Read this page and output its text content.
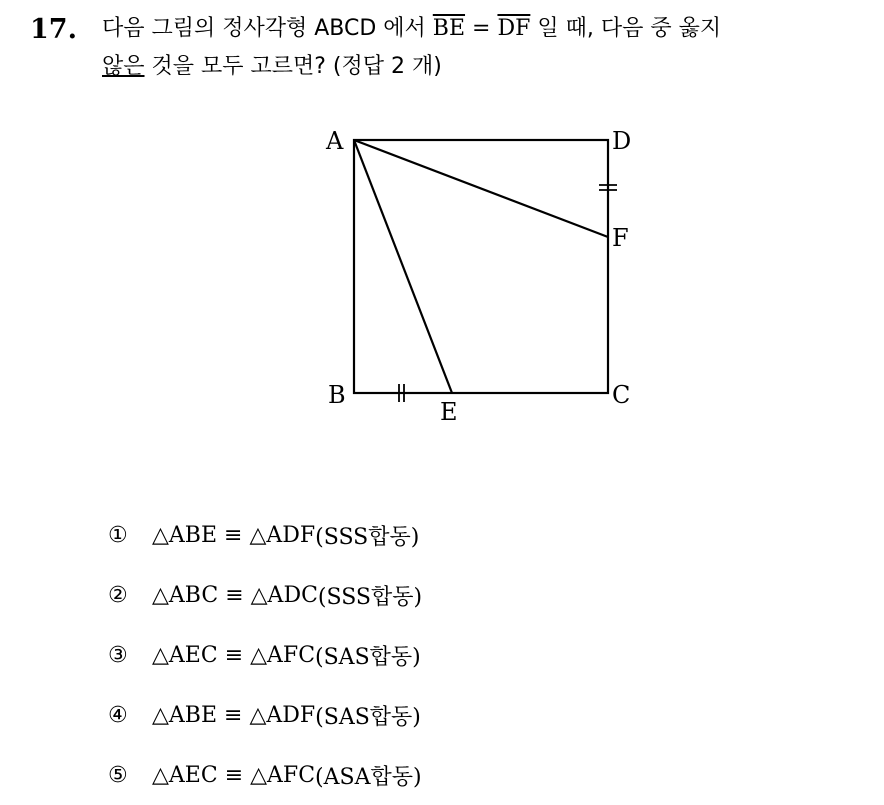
17.	다음 그림의 정사각형 ABCD 에서 $\overline{BE} = \overline{DF}$ 일 때, 다음 중 옳지
않은 것을 모두 고르면? (정답 2 개)
A	D
F
C
B
E
①	△ABE ≡ △ADF (SSS합동)
②	△ABC ≡ △ADC (SSS합동)
③	△AEC ≡ △AFC (SAS합동)
④	△ABE ≡ △ADF (SAS합동)
⑤	△AEC ≡ △AFC (ASA합동)
